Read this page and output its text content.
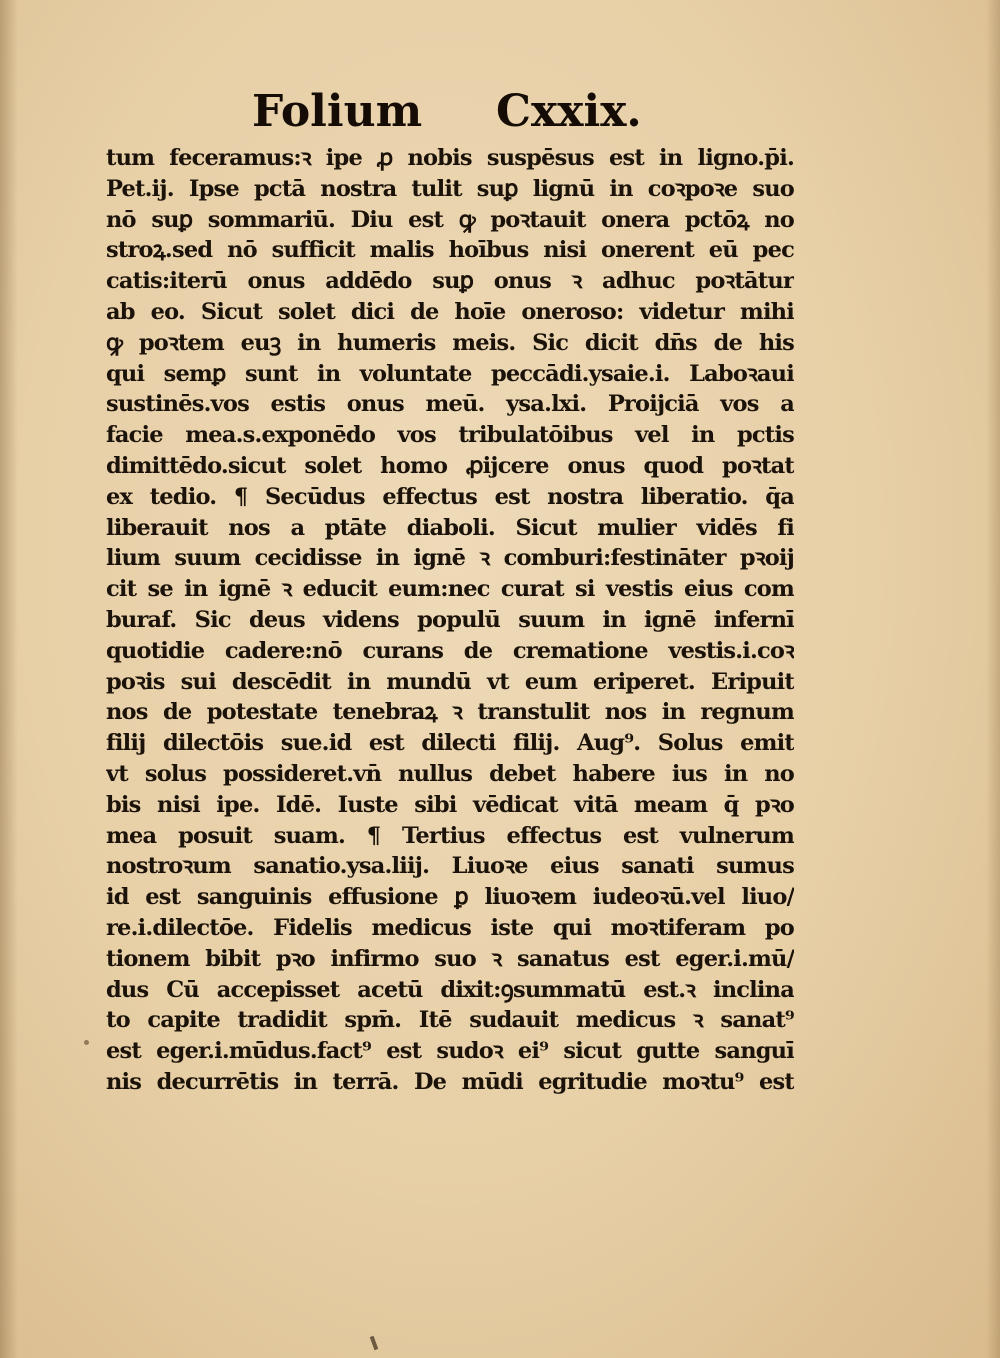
Folium Cxxix.
tum feceramus:ꝛ ipe ꝓ nobis suspēsus est in ligno.p̄i.
Pet.ij. Ipse pctā nostra tulit suꝑ lignū in coꝛpoꝛe suo
nō suꝑ sommariū. Diu est ꝙ poꝛtauit onera pctōꝝ no
stroꝝ.sed nō sufficit malis hoībus nisi onerent eū pec
catis:iterū onus addēdo suꝑ onus ꝛ adhuc poꝛtātur
ab eo. Sicut solet dici de hoīe oneroso: videtur mihi
ꝙ poꝛtem euꝫ in humeris meis. Sic dicit dn̄s de his
qui semꝑ sunt in voluntate peccādi.ysaie.i. Laboꝛaui
sustinēs.vos estis onus meū. ysa.lxi. Proijciā vos a
facie mea.s.exponēdo vos tribulatōibus vel in pctis
dimittēdo.sicut solet homo ꝓijcere onus quod poꝛtat
ex tedio. ¶ Secūdus effectus est nostra liberatio. q̄a
liberauit nos a ptāte diaboli. Sicut mulier vidēs fi
lium suum cecidisse in ignē ꝛ comburi:festināter pꝛoij
cit se in ignē ꝛ educit eum:nec curat si vestis eius com
buraf. Sic deus videns populū suum in ignē infernī
quotidie cadere:nō curans de crematione vestis.i.coꝛ
poꝛis sui descēdit in mundū vt eum eriperet. Eripuit
nos de potestate tenebraꝝ ꝛ transtulit nos in regnum
filij dilectōis sue.id est dilecti filij. Aug⁹. Solus emit
vt solus possideret.vn̄ nullus debet habere ius in no
bis nisi ipe. Idē. Iuste sibi vēdicat vitā meam q̄ pꝛo
mea posuit suam. ¶ Tertius effectus est vulnerum
nostroꝛum sanatio.ysa.liij. Liuoꝛe eius sanati sumus
id est sanguinis effusione ꝑ liuoꝛem iudeoꝛū.vel liuo/
re.i.dilectōe. Fidelis medicus iste qui moꝛtiferam po
tionem bibit pꝛo infirmo suo ꝛ sanatus est eger.i.mū/
dus Cū accepisset acetū dixit:ꝯsummatū est.ꝛ inclina
to capite tradidit spm̄. Itē sudauit medicus ꝛ sanat⁹
est eger.i.mūdus.fact⁹ est sudoꝛ ei⁹ sicut gutte sanguī
nis decurrētis in terrā. De mūdi egritudie moꝛtu⁹ est
